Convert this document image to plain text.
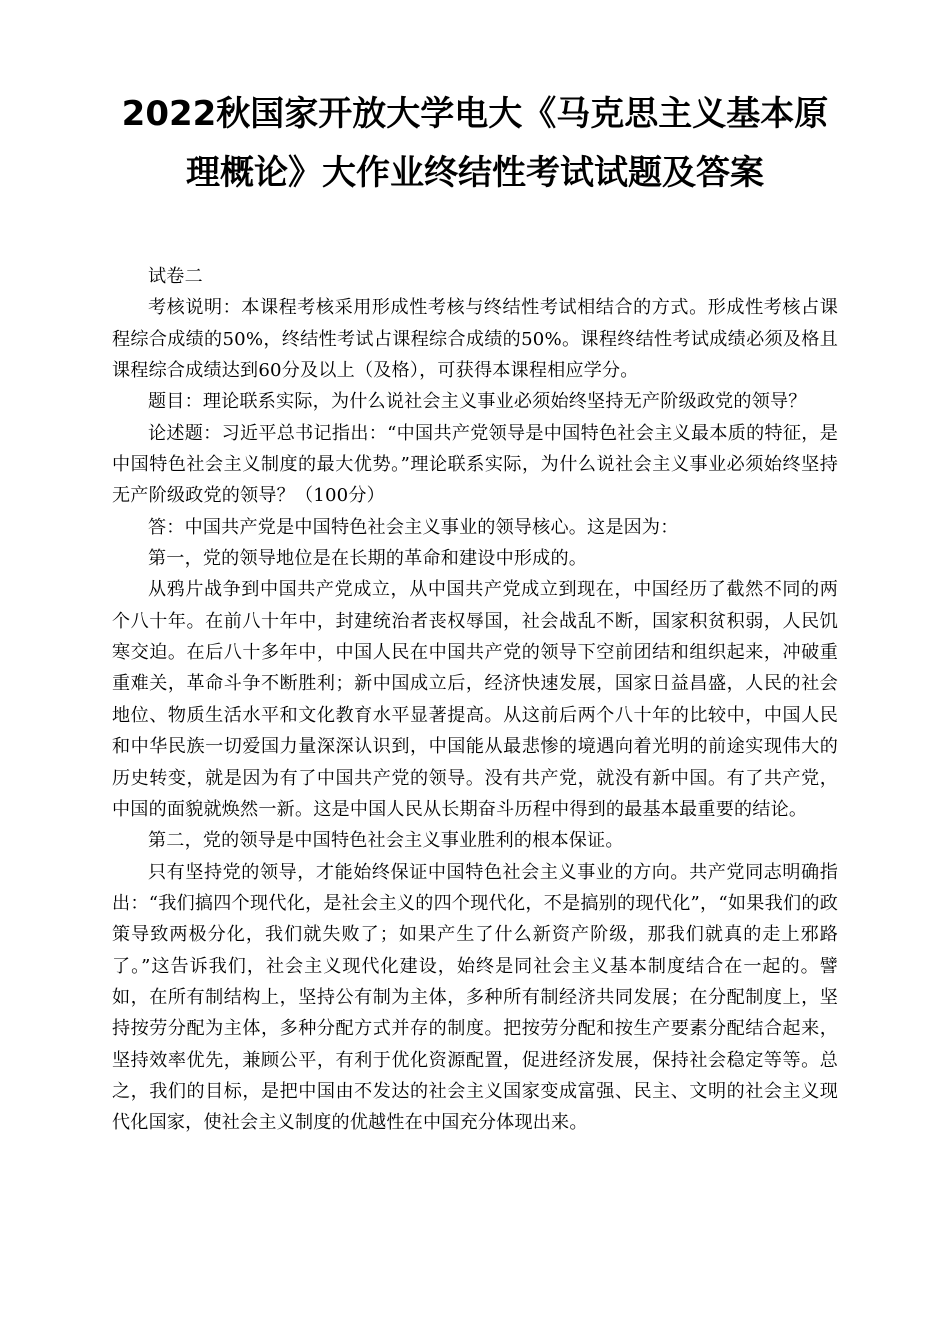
2022秋国家开放大学电大《马克思主义基本原
理概论》大作业终结性考试试题及答案

试卷二

考核说明：本课程考核采用形成性考核与终结性考试相结合的方式。形成性考核占课程综合成绩的50%，终结性考试占课程综合成绩的50%。课程终结性考试成绩必须及格且课程综合成绩达到60分及以上（及格），可获得本课程相应学分。

题目：理论联系实际，为什么说社会主义事业必须始终坚持无产阶级政党的领导？

论述题：习近平总书记指出：“中国共产党领导是中国特色社会主义最本质的特征，是中国特色社会主义制度的最大优势。”理论联系实际，为什么说社会主义事业必须始终坚持无产阶级政党的领导？（100分）

答：中国共产党是中国特色社会主义事业的领导核心。这是因为：

第一，党的领导地位是在长期的革命和建设中形成的。

从鸦片战争到中国共产党成立，从中国共产党成立到现在，中国经历了截然不同的两个八十年。在前八十年中，封建统治者丧权辱国，社会战乱不断，国家积贫积弱，人民饥寒交迫。在后八十多年中，中国人民在中国共产党的领导下空前团结和组织起来，冲破重重难关，革命斗争不断胜利；新中国成立后，经济快速发展，国家日益昌盛，人民的社会地位、物质生活水平和文化教育水平显著提高。从这前后两个八十年的比较中，中国人民和中华民族一切爱国力量深深认识到，中国能从最悲惨的境遇向着光明的前途实现伟大的历史转变，就是因为有了中国共产党的领导。没有共产党，就没有新中国。有了共产党，中国的面貌就焕然一新。这是中国人民从长期奋斗历程中得到的最基本最重要的结论。

第二，党的领导是中国特色社会主义事业胜利的根本保证。

只有坚持党的领导，才能始终保证中国特色社会主义事业的方向。共产党同志明确指出：“我们搞四个现代化，是社会主义的四个现代化，不是搞别的现代化”，“如果我们的政策导致两极分化，我们就失败了；如果产生了什么新资产阶级，那我们就真的走上邪路了。”这告诉我们，社会主义现代化建设，始终是同社会主义基本制度结合在一起的。譬如，在所有制结构上，坚持公有制为主体，多种所有制经济共同发展；在分配制度上，坚持按劳分配为主体，多种分配方式并存的制度。把按劳分配和按生产要素分配结合起来，坚持效率优先，兼顾公平，有利于优化资源配置，促进经济发展，保持社会稳定等等。总之，我们的目标，是把中国由不发达的社会主义国家变成富强、民主、文明的社会主义现代化国家，使社会主义制度的优越性在中国充分体现出来。
